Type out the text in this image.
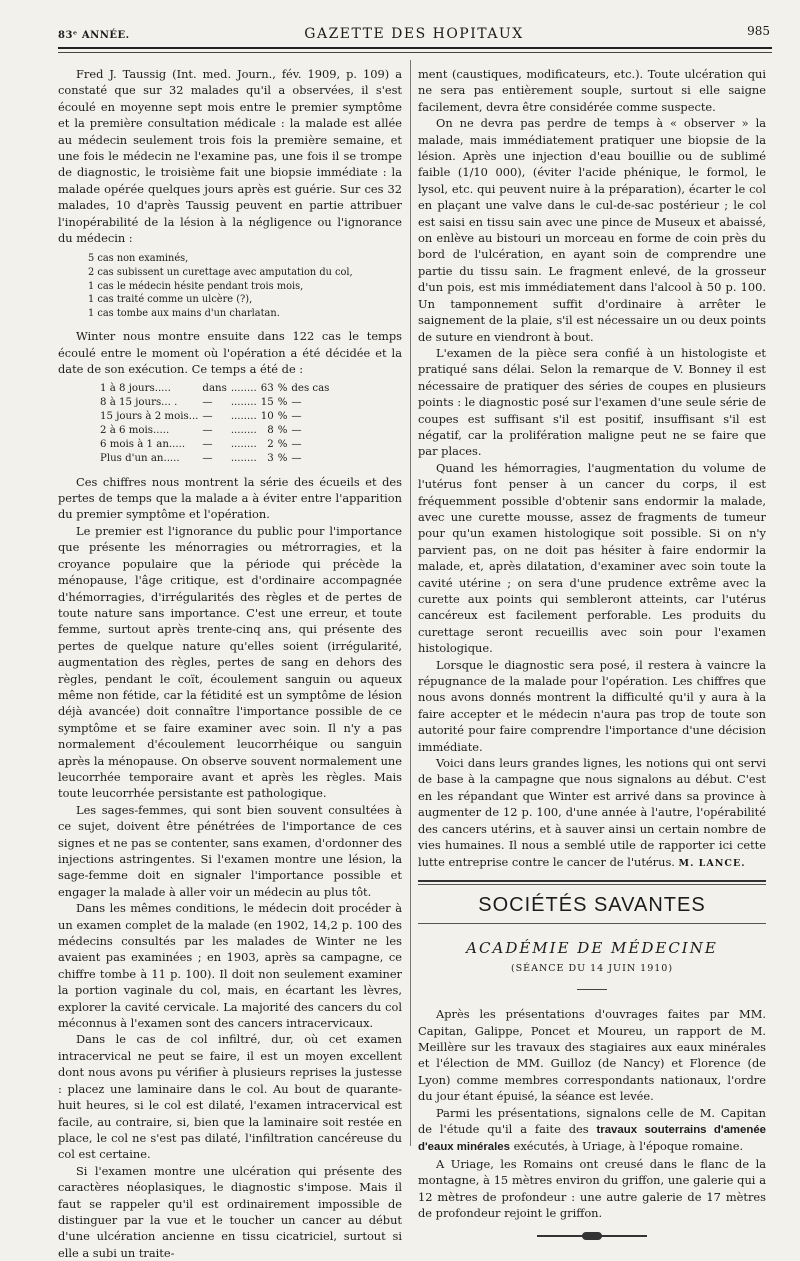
83ᵉ ANNÉE.	GAZETTE DES HOPITAUX	985

Fred J. Taussig (Int. med. Journ., fév. 1909, p. 109) a constaté que sur 32 malades qu'il a observées, il s'est écoulé en moyenne sept mois entre le premier symptôme et la première consultation médicale : la malade est allée au médecin seulement trois fois la première semaine, et une fois le médecin ne l'examine pas, une fois il se trompe de diagnostic, le troisième fait une biopsie immédiate : la malade opérée quelques jours après est guérie. Sur ces 32 malades, 10 d'après Taussig peuvent en partie attribuer l'inopérabilité de la lésion à la négligence ou l'ignorance du médecin :

5 cas non examinés,
2 cas subissent un curettage avec amputation du col,
1 cas le médecin hésite pendant trois mois,
1 cas traité comme un ulcère (?),
1 cas tombe aux mains d'un charlatan.

Winter nous montre ensuite dans 122 cas le temps écoulé entre le moment où l'opération a été décidée et la date de son exécution. Ce temps a été de :

1 à 8 jours.....	dans	........	63	%	des cas
8 à 15 jours... .	—	........	15	%	—
15 jours à 2 mois...	—	........	10	%	—
2 à 6 mois.....	—	........	8	%	—
6 mois à 1 an.....	—	........	2	%	—
Plus d'un an.....	—	........	3	%	—

Ces chiffres nous montrent la série des écueils et des pertes de temps que la malade a à éviter entre l'apparition du premier symptôme et l'opération.

Le premier est l'ignorance du public pour l'importance que présente les ménorragies ou métrorragies, et la croyance populaire que la période qui précède la ménopause, l'âge critique, est d'ordinaire accompagnée d'hémorragies, d'irrégularités des règles et de pertes de toute nature sans importance. C'est une erreur, et toute femme, surtout après trente-cinq ans, qui présente des pertes de quelque nature qu'elles soient (irrégularité, augmentation des règles, pertes de sang en dehors des règles, pendant le coït, écoulement sanguin ou aqueux même non fétide, car la fétidité est un symptôme de lésion déjà avancée) doit connaître l'importance possible de ce symptôme et se faire examiner avec soin. Il n'y a pas normalement d'écoulement leucorrhéique ou sanguin après la ménopause. On observe souvent normalement une leucorrhée temporaire avant et après les règles. Mais toute leucorrhée persistante est pathologique.

Les sages-femmes, qui sont bien souvent consultées à ce sujet, doivent être pénétrées de l'importance de ces signes et ne pas se contenter, sans examen, d'ordonner des injections astringentes. Si l'examen montre une lésion, la sage-femme doit en signaler l'importance possible et engager la malade à aller voir un médecin au plus tôt.

Dans les mêmes conditions, le médecin doit procéder à un examen complet de la malade (en 1902, 14,2 p. 100 des médecins consultés par les malades de Winter ne les avaient pas examinées ; en 1903, après sa campagne, ce chiffre tombe à 11 p. 100). Il doit non seulement examiner la portion vaginale du col, mais, en écartant les lèvres, explorer la cavité cervicale. La majorité des cancers du col méconnus à l'examen sont des cancers intracervicaux.

Dans le cas de col infiltré, dur, où cet examen intracervical ne peut se faire, il est un moyen excellent dont nous avons pu vérifier à plusieurs reprises la justesse : placez une laminaire dans le col. Au bout de quarante-huit heures, si le col est dilaté, l'examen intracervical est facile, au contraire, si, bien que la laminaire soit restée en place, le col ne s'est pas dilaté, l'infiltration cancéreuse du col est certaine.

Si l'examen montre une ulcération qui présente des caractères néoplasiques, le diagnostic s'impose. Mais il faut se rappeler qu'il est ordinairement impossible de distinguer par la vue et le toucher un cancer au début d'une ulcération ancienne en tissu cicatriciel, surtout si elle a subi un traite-

ment (caustiques, modificateurs, etc.). Toute ulcération qui ne sera pas entièrement souple, surtout si elle saigne facilement, devra être considérée comme suspecte.

On ne devra pas perdre de temps à « observer » la malade, mais immédiatement pratiquer une biopsie de la lésion. Après une injection d'eau bouillie ou de sublimé faible (1/10 000), (éviter l'acide phénique, le formol, le lysol, etc. qui peuvent nuire à la préparation), écarter le col en plaçant une valve dans le cul-de-sac postérieur ; le col est saisi en tissu sain avec une pince de Museux et abaissé, on enlève au bistouri un morceau en forme de coin près du bord de l'ulcération, en ayant soin de comprendre une partie du tissu sain. Le fragment enlevé, de la grosseur d'un pois, est mis immédiatement dans l'alcool à 50 p. 100. Un tamponnement suffit d'ordinaire à arrêter le saignement de la plaie, s'il est nécessaire un ou deux points de suture en viendront à bout.

L'examen de la pièce sera confié à un histologiste et pratiqué sans délai. Selon la remarque de V. Bonney il est nécessaire de pratiquer des séries de coupes en plusieurs points : le diagnostic posé sur l'examen d'une seule série de coupes est suffisant s'il est positif, insuffisant s'il est négatif, car la prolifération maligne peut ne se faire que par places.

Quand les hémorragies, l'augmentation du volume de l'utérus font penser à un cancer du corps, il est fréquemment possible d'obtenir sans endormir la malade, avec une curette mousse, assez de fragments de tumeur pour qu'un examen histologique soit possible. Si on n'y parvient pas, on ne doit pas hésiter à faire endormir la malade, et, après dilatation, d'examiner avec soin toute la cavité utérine ; on sera d'une prudence extrême avec la curette aux points qui sembleront atteints, car l'utérus cancéreux est facilement perforable. Les produits du curettage seront recueillis avec soin pour l'examen histologique.

Lorsque le diagnostic sera posé, il restera à vaincre la répugnance de la malade pour l'opération. Les chiffres que nous avons donnés montrent la difficulté qu'il y aura à la faire accepter et le médecin n'aura pas trop de toute son autorité pour faire comprendre l'importance d'une décision immédiate.

Voici dans leurs grandes lignes, les notions qui ont servi de base à la campagne que nous signalons au début. C'est en les répandant que Winter est arrivé dans sa province à augmenter de 12 p. 100, d'une année à l'autre, l'opérabilité des cancers utérins, et à sauver ainsi un certain nombre de vies humaines. Il nous a semblé utile de rapporter ici cette lutte entreprise contre le cancer de l'utérus. M. LANCE.

SOCIÉTÉS SAVANTES
ACADÉMIE DE MÉDECINE
(SÉANCE DU 14 JUIN 1910)

Après les présentations d'ouvrages faites par MM. Capitan, Galippe, Poncet et Moureu, un rapport de M. Meillère sur les travaux des stagiaires aux eaux minérales et l'élection de MM. Guilloz (de Nancy) et Florence (de Lyon) comme membres correspondants nationaux, l'ordre du jour étant épuisé, la séance est levée.

Parmi les présentations, signalons celle de M. Capitan de l'étude qu'il a faite des travaux souterrains d'amenée d'eaux minérales exécutés, à Uriage, à l'époque romaine.

A Uriage, les Romains ont creusé dans le flanc de la montagne, à 15 mètres environ du griffon, une galerie qui a 12 mètres de profondeur : une autre galerie de 17 mètres de profondeur rejoint le griffon.
